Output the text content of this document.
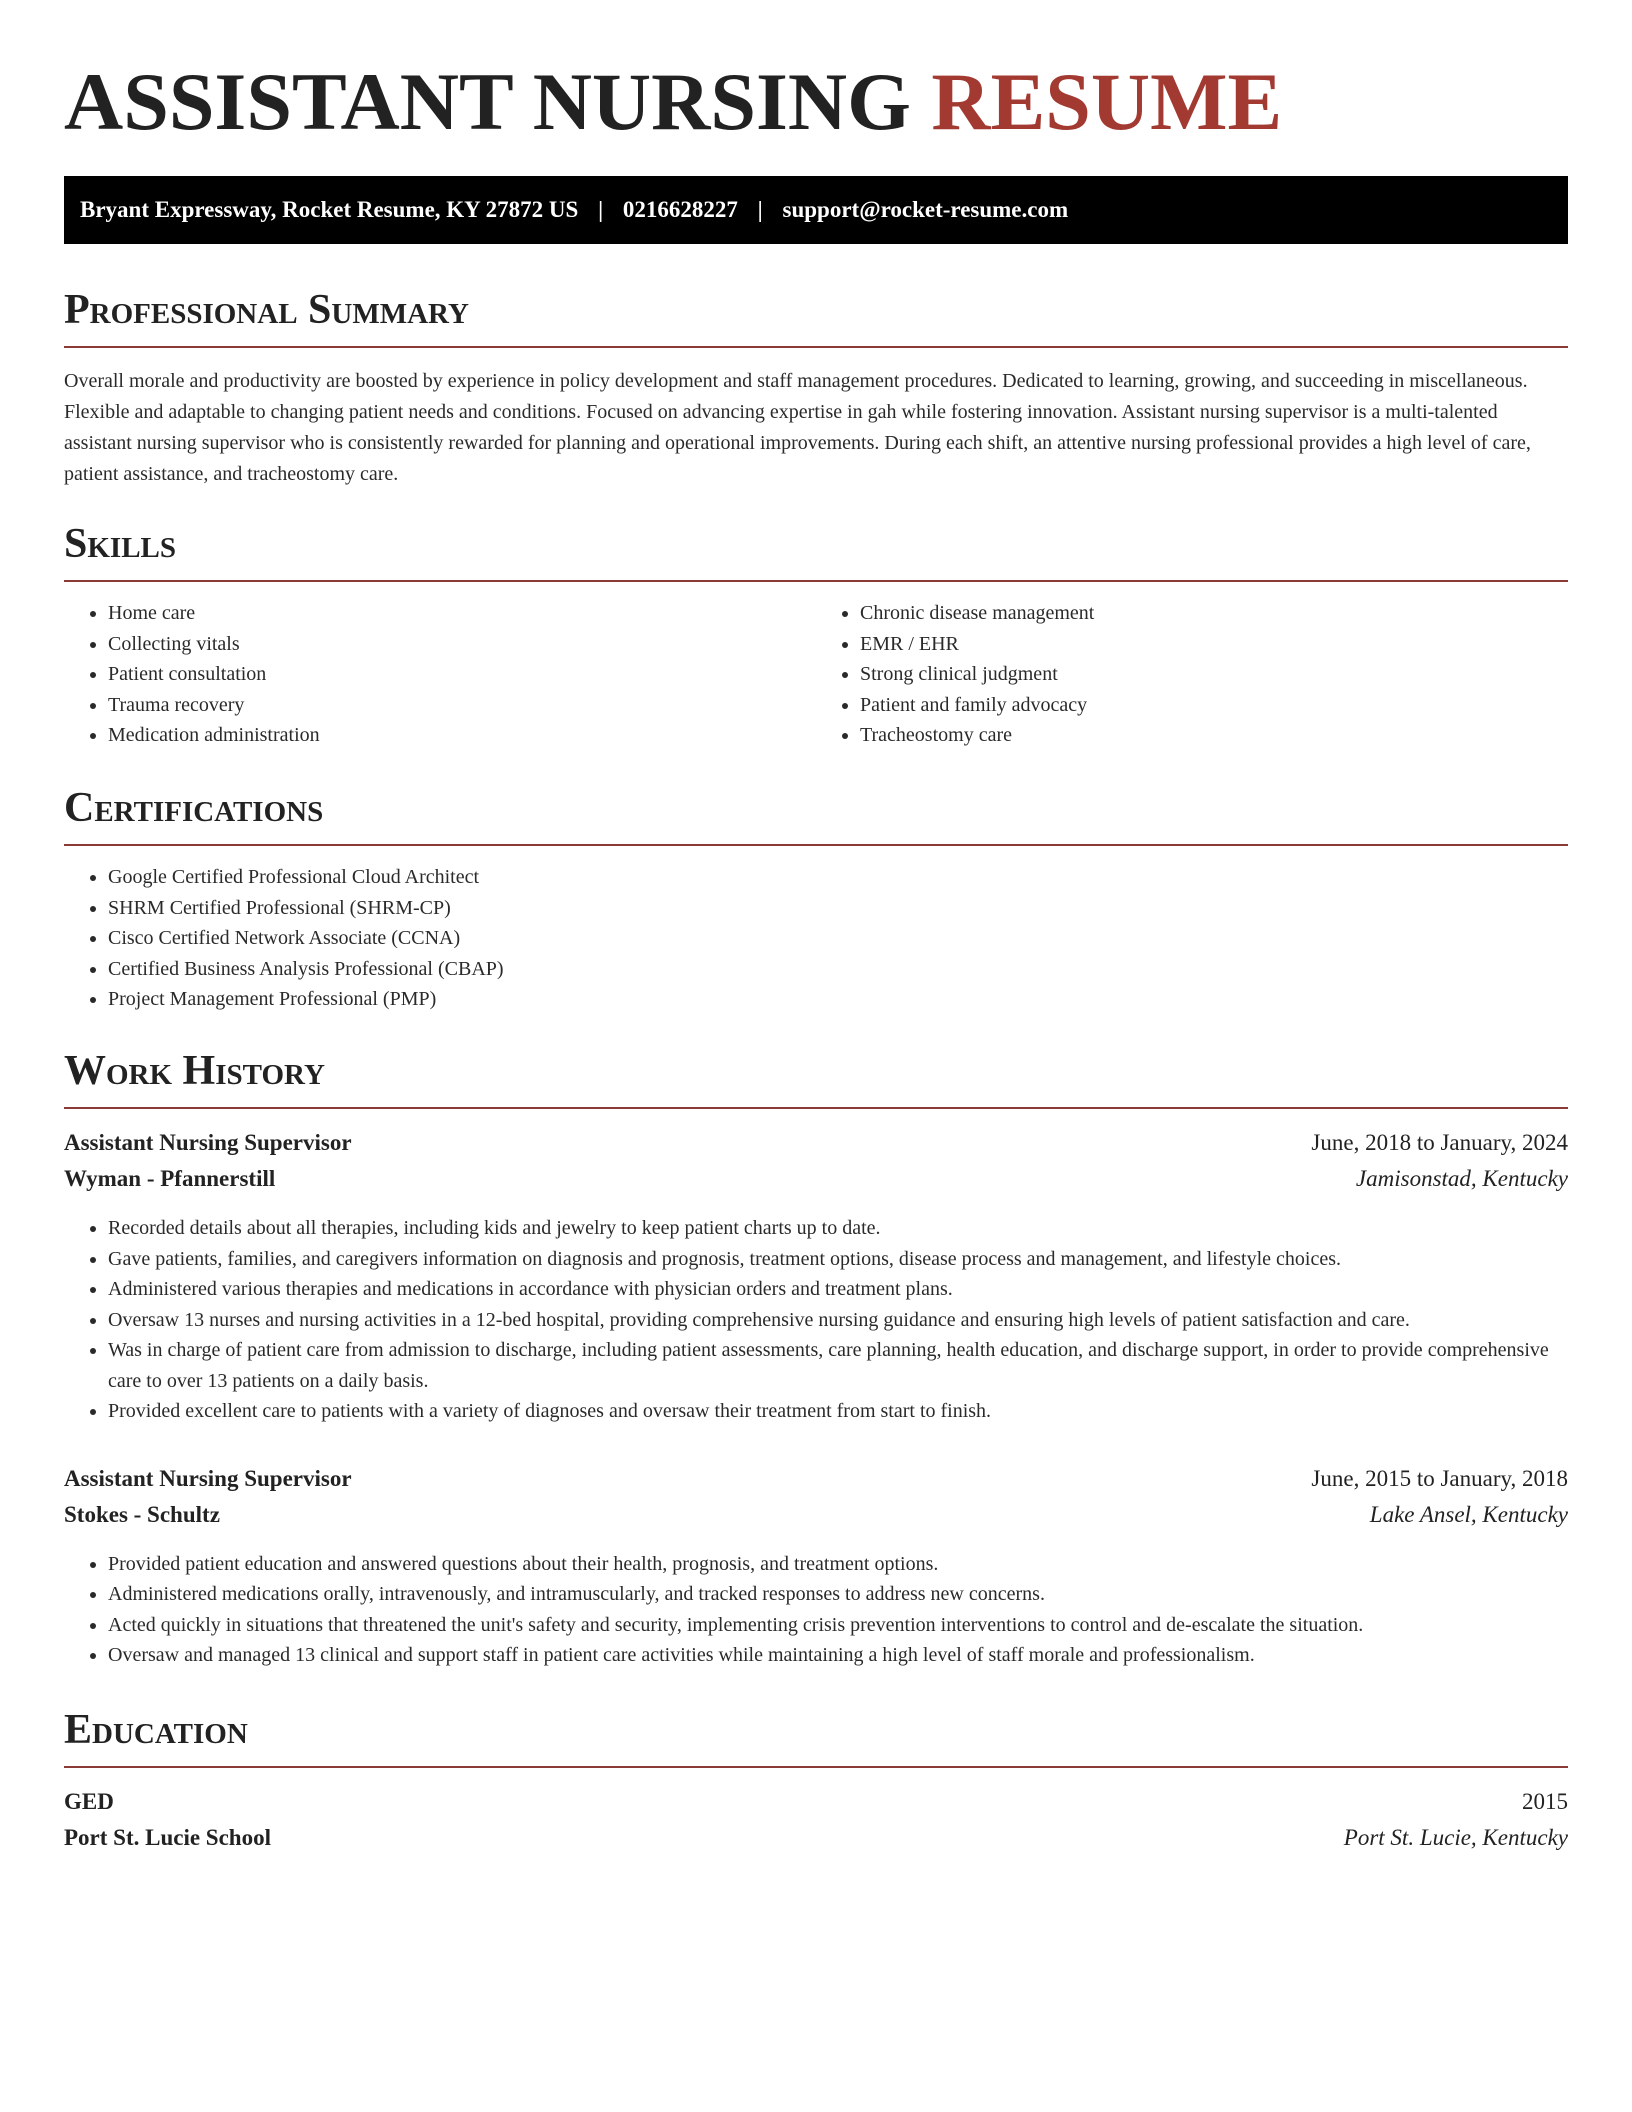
ASSISTANT NURSING RESUME
Bryant Expressway, Rocket Resume, KY 27872 US | 0216628227 | support@rocket-resume.com
Professional Summary

Overall morale and productivity are boosted by experience in policy development and staff management procedures. Dedicated to learning, growing, and succeeding in miscellaneous. Flexible and adaptable to changing patient needs and conditions. Focused on advancing expertise in gah while fostering innovation. Assistant nursing supervisor is a multi-talented assistant nursing supervisor who is consistently rewarded for planning and operational improvements. During each shift, an attentive nursing professional provides a high level of care, patient assistance, and tracheostomy care.

Skills
• Home care
• Collecting vitals
• Patient consultation
• Trauma recovery
• Medication administration
• Chronic disease management
• EMR / EHR
• Strong clinical judgment
• Patient and family advocacy
• Tracheostomy care
Certifications
• Google Certified Professional Cloud Architect
• SHRM Certified Professional (SHRM-CP)
• Cisco Certified Network Associate (CCNA)
• Certified Business Analysis Professional (CBAP)
• Project Management Professional (PMP)
Work History
Assistant Nursing Supervisor	June, 2018 to January, 2024
Wyman - Pfannerstill	Jamisonstad, Kentucky
• Recorded details about all therapies, including kids and jewelry to keep patient charts up to date.
• Gave patients, families, and caregivers information on diagnosis and prognosis, treatment options, disease process and management, and lifestyle choices.
• Administered various therapies and medications in accordance with physician orders and treatment plans.
• Oversaw 13 nurses and nursing activities in a 12-bed hospital, providing comprehensive nursing guidance and ensuring high levels of patient satisfaction and care.
• Was in charge of patient care from admission to discharge, including patient assessments, care planning, health education, and discharge support, in order to provide comprehensive care to over 13 patients on a daily basis.
• Provided excellent care to patients with a variety of diagnoses and oversaw their treatment from start to finish.
Assistant Nursing Supervisor	June, 2015 to January, 2018
Stokes - Schultz	Lake Ansel, Kentucky
• Provided patient education and answered questions about their health, prognosis, and treatment options.
• Administered medications orally, intravenously, and intramuscularly, and tracked responses to address new concerns.
• Acted quickly in situations that threatened the unit's safety and security, implementing crisis prevention interventions to control and de-escalate the situation.
• Oversaw and managed 13 clinical and support staff in patient care activities while maintaining a high level of staff morale and professionalism.
Education
GED	2015
Port St. Lucie School	Port St. Lucie, Kentucky
